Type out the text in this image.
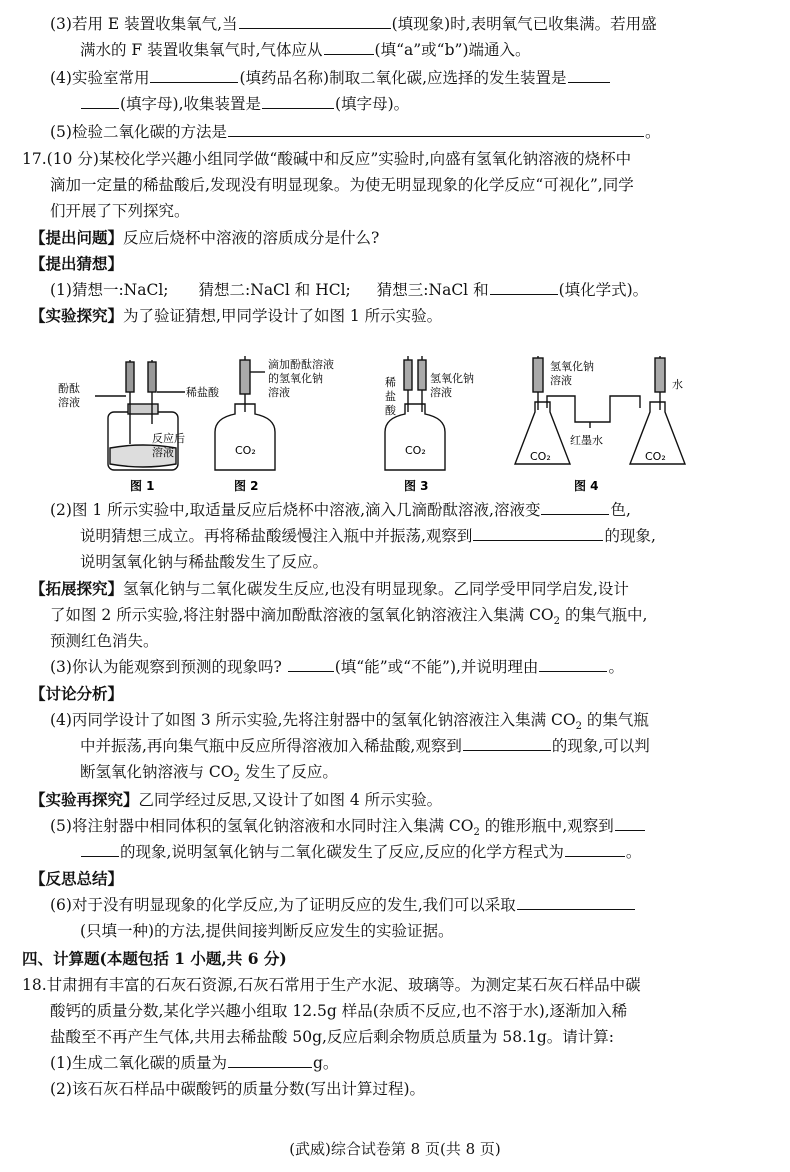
(3)若用 E 装置收集氧气,当	(填现象)时,表明氧气已收集满。若用盛
满水的 F 装置收集氧气时,气体应从	(填“a”或“b”)端通入。
(4)实验室常用	(填药品名称)制取二氧化碳,应选择的发生装置是
(填字母),收集装置是	(填字母)。
(5)检验二氧化碳的方法是	。
17.(10 分)某校化学兴趣小组同学做“酸碱中和反应”实验时,向盛有氢氧化钠溶液的烧杯中
滴加一定量的稀盐酸后,发现没有明显现象。为使无明显现象的化学反应“可视化”,同学
们开展了下列探究。
【提出问题】反应后烧杯中溶液的溶质成分是什么?
【提出猜想】
(1)猜想一:NaCl; 猜想二:NaCl 和 HCl; 猜想三:NaCl 和	(填化学式)。
【实验探究】为了验证猜想,甲同学设计了如图 1 所示实验。
酚酞
溶液
稀盐酸
反应后
溶液
图 1
滴加酚酞溶液
的氢氧化钠
溶液
CO₂
图 2
稀
盐
酸
氢氧化钠
溶液
CO₂
图 3
氢氧化钠
溶液	水
红墨水
CO₂	CO₂
图 4
(2)图 1 所示实验中,取适量反应后烧杯中溶液,滴入几滴酚酞溶液,溶液变	色,
说明猜想三成立。再将稀盐酸缓慢注入瓶中并振荡,观察到	的现象,
说明氢氧化钠与稀盐酸发生了反应。
【拓展探究】氢氧化钠与二氧化碳发生反应,也没有明显现象。乙同学受甲同学启发,设计
了如图 2 所示实验,将注射器中滴加酚酞溶液的氢氧化钠溶液注入集满 $CO_2$ 的集气瓶中,
预测红色消失。
(3)你认为能观察到预测的现象吗?	(填“能”或“不能”),并说明理由	。
【讨论分析】
(4)丙同学设计了如图 3 所示实验,先将注射器中的氢氧化钠溶液注入集满 $CO_2$ 的集气瓶
中并振荡,再向集气瓶中反应所得溶液加入稀盐酸,观察到	的现象,可以判
断氢氧化钠溶液与 $CO_2$ 发生了反应。
【实验再探究】乙同学经过反思,又设计了如图 4 所示实验。
(5)将注射器中相同体积的氢氧化钠溶液和水同时注入集满 $CO_2$ 的锥形瓶中,观察到
的现象,说明氢氧化钠与二氧化碳发生了反应,反应的化学方程式为	。
【反思总结】
(6)对于没有明显现象的化学反应,为了证明反应的发生,我们可以采取
(只填一种)的方法,提供间接判断反应发生的实验证据。
四、计算题(本题包括 1 小题,共 6 分)
18.甘肃拥有丰富的石灰石资源,石灰石常用于生产水泥、玻璃等。为测定某石灰石样品中碳
酸钙的质量分数,某化学兴趣小组取 12.5g 样品(杂质不反应,也不溶于水),逐渐加入稀
盐酸至不再产生气体,共用去稀盐酸 50g,反应后剩余物质总质量为 58.1g。请计算:
(1)生成二氧化碳的质量为	g。
(2)该石灰石样品中碳酸钙的质量分数(写出计算过程)。
(武威)综合试卷第 8 页(共 8 页)
